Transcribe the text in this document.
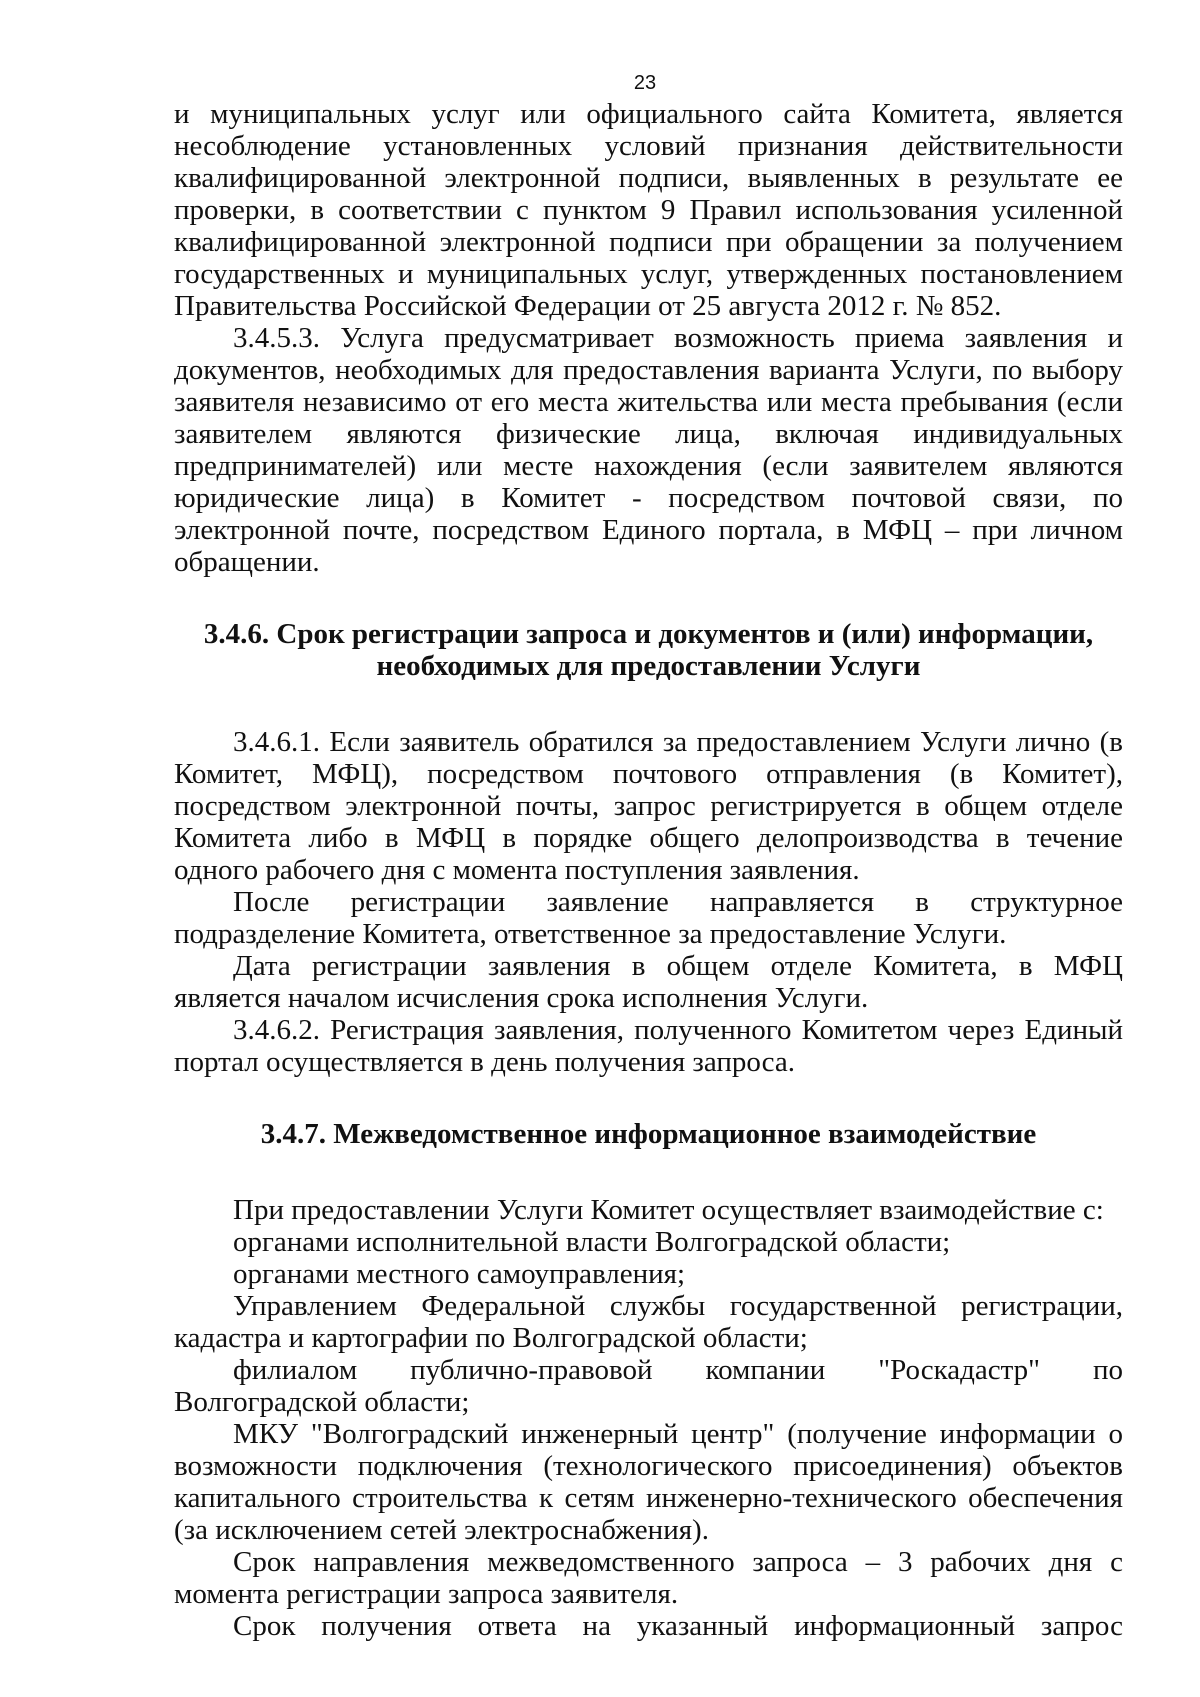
23

и муниципальных услуг или официального сайта Комитета, является несоблюдение установленных условий признания действительности квалифицированной электронной подписи, выявленных в результате ее проверки, в соответствии с пунктом 9 Правил использования усиленной квалифицированной электронной подписи при обращении за получением государственных и муниципальных услуг, утвержденных постановлением Правительства Российской Федерации от 25 августа 2012 г. № 852.

3.4.5.3. Услуга предусматривает возможность приема заявления и документов, необходимых для предоставления варианта Услуги, по выбору заявителя независимо от его места жительства или места пребывания (если заявителем являются физические лица, включая индивидуальных предпринимателей) или месте нахождения (если заявителем являются юридические лица) в Комитет - посредством почтовой связи, по электронной почте, посредством Единого портала, в МФЦ – при личном обращении.

3.4.6. Срок регистрации запроса и документов и (или) информации, необходимых для предоставлении Услуги

3.4.6.1. Если заявитель обратился за предоставлением Услуги лично (в Комитет, МФЦ), посредством почтового отправления (в Комитет), посредством электронной почты, запрос регистрируется в общем отделе Комитета либо в МФЦ в порядке общего делопроизводства в течение одного рабочего дня с момента поступления заявления.

После регистрации заявление направляется в структурное подразделение Комитета, ответственное за предоставление Услуги.

Дата регистрации заявления в общем отделе Комитета, в МФЦ является началом исчисления срока исполнения Услуги.

3.4.6.2. Регистрация заявления, полученного Комитетом через Единый портал осуществляется в день получения запроса.

3.4.7. Межведомственное информационное взаимодействие

При предоставлении Услуги Комитет осуществляет взаимодействие с:

органами исполнительной власти Волгоградской области;

органами местного самоуправления;

Управлением Федеральной службы государственной регистрации, кадастра и картографии по Волгоградской области;

филиалом публично-правовой компании "Роскадастр" по Волгоградской области;

МКУ "Волгоградский инженерный центр" (получение информации о возможности подключения (технологического присоединения) объектов капитального строительства к сетям инженерно-технического обеспечения (за исключением сетей электроснабжения).

Срок направления межведомственного запроса – 3 рабочих дня с момента регистрации запроса заявителя.

Срок получения ответа на указанный информационный запрос
